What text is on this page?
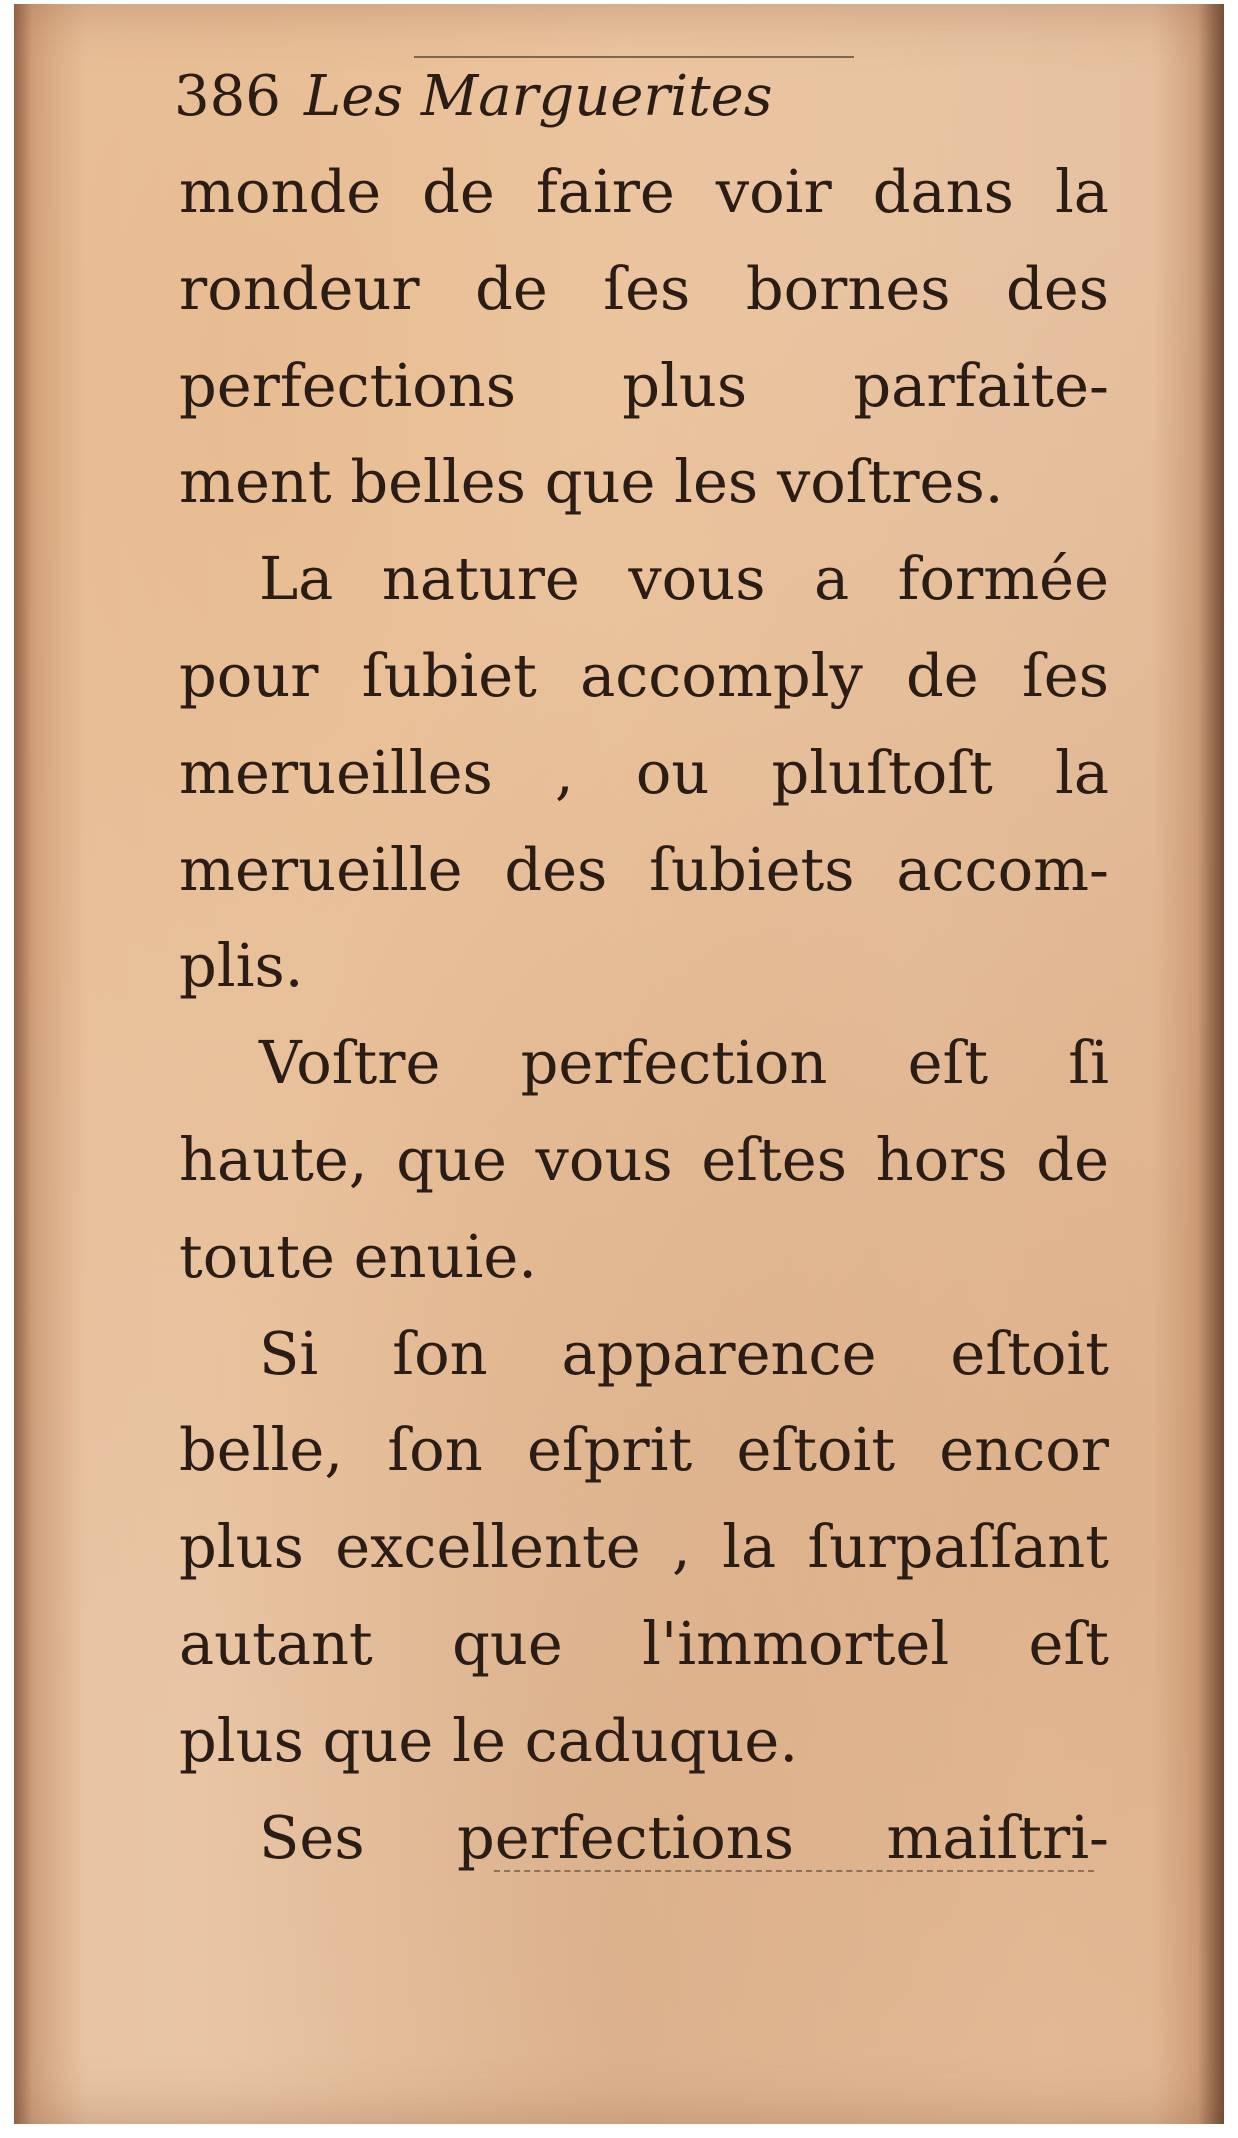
386 Les Marguerites
monde de faire voir dans la
rondeur de ſes bornes des
perfections plus parfaite-
ment belles que les voſtres.
La nature vous a formée
pour ſubiet accomply de ſes
merueilles , ou pluſtoſt la
merueille des ſubiets accom-
plis.
Voſtre perfection eſt ſi
haute, que vous eſtes hors de
toute enuie.
Si ſon apparence eſtoit
belle, ſon eſprit eſtoit encor
plus excellente , la ſurpaſſant
autant que l'immortel eſt
plus que le caduque.
Ses perfections maiſtri-
